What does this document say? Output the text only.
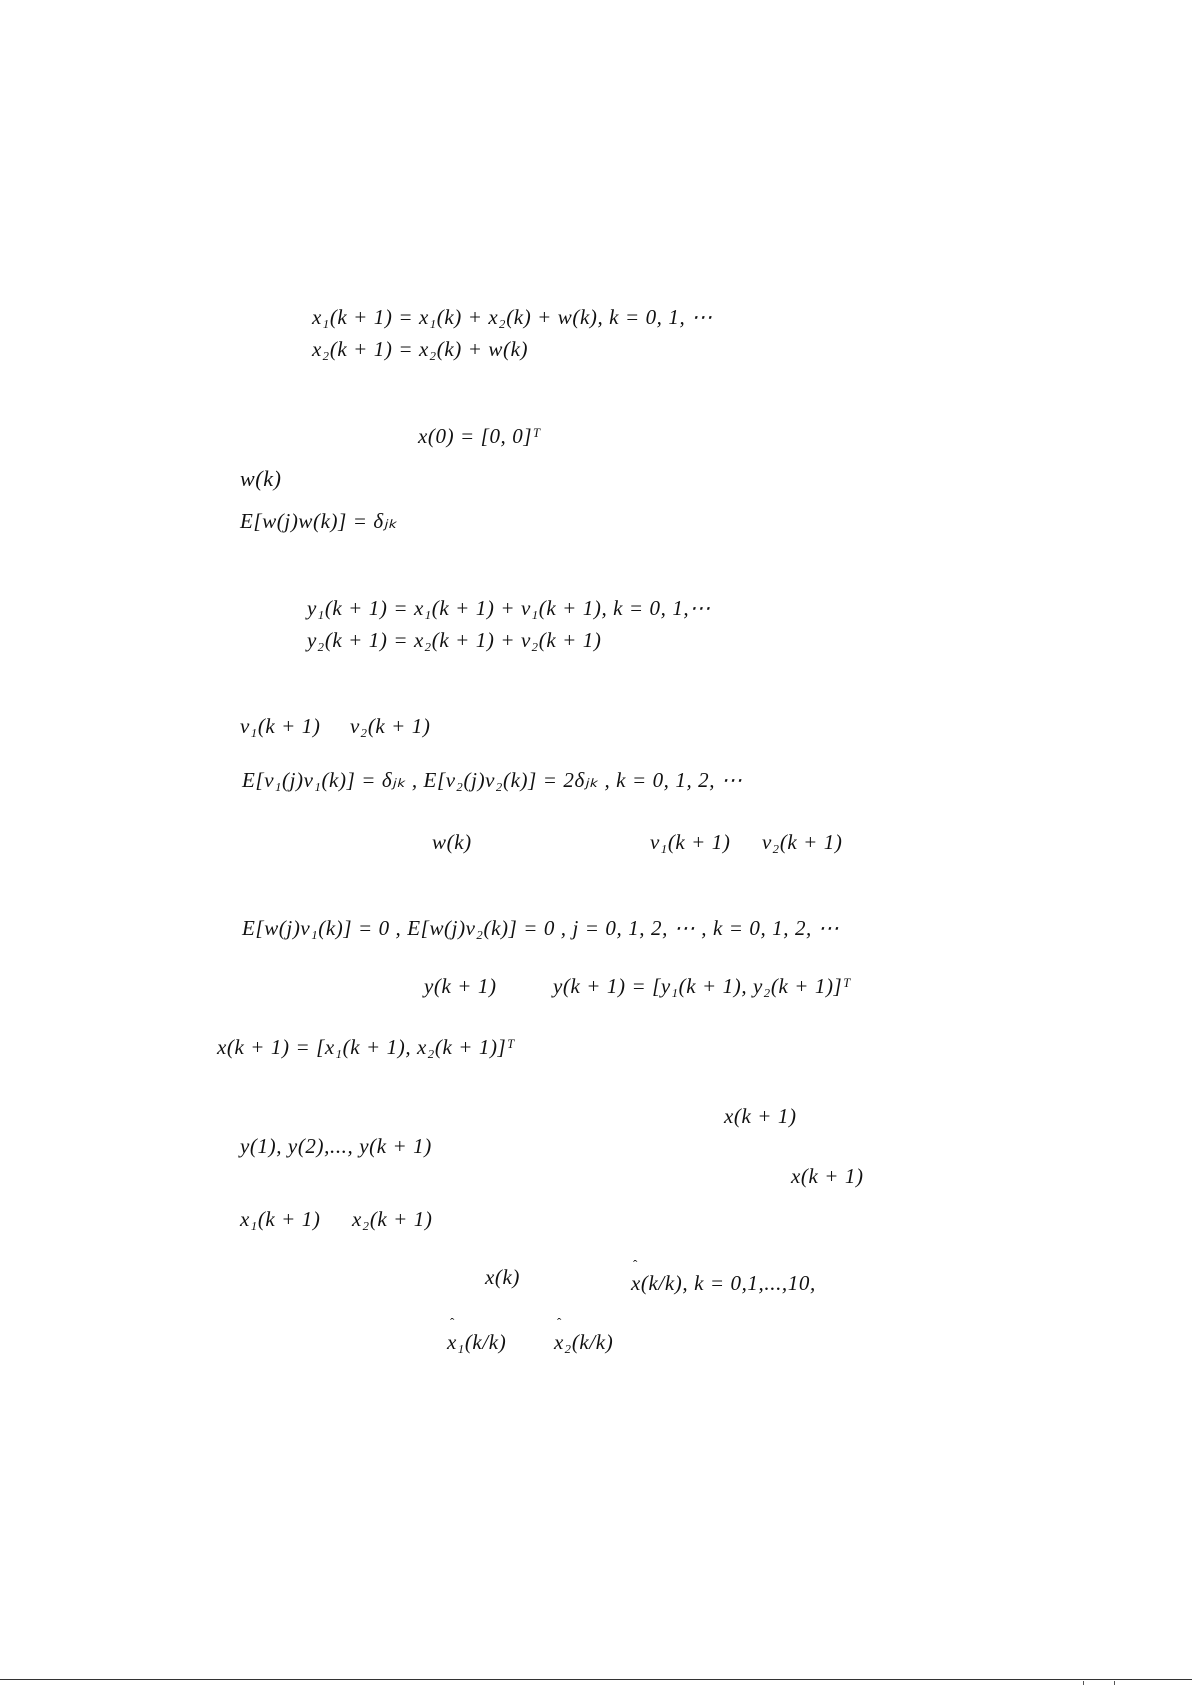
x₁(k + 1) = x₁(k) + x₂(k) + w(k), k = 0, 1, ⋯
x₂(k + 1) = x₂(k) + w(k)
x(0) = [0, 0]ᵀ
w(k)
E[w(j)w(k)] = δⱼₖ
y₁(k + 1) = x₁(k + 1) + v₁(k + 1), k = 0, 1,⋯
y₂(k + 1) = x₂(k + 1) + v₂(k + 1)
v₁(k + 1) v₂(k + 1)
E[v₁(j)v₁(k)] = δⱼₖ , E[v₂(j)v₂(k)] = 2δⱼₖ , k = 0, 1, 2, ⋯
w(k)	v₁(k + 1) v₂(k + 1)
E[w(j)v₁(k)] = 0 , E[w(j)v₂(k)] = 0 , j = 0, 1, 2, ⋯ , k = 0, 1, 2, ⋯
y(k + 1)	y(k + 1) = [y₁(k + 1), y₂(k + 1)]ᵀ
x(k + 1) = [x₁(k + 1), x₂(k + 1)]ᵀ
x(k + 1)
y(1), y(2),..., y(k + 1)
x(k + 1)
x₁(k + 1) x₂(k + 1)
x(k)
ˆ
x(k/k), k = 0,1,...,10,
ˆ
x₁(k/k)
ˆ
x₂(k/k)
